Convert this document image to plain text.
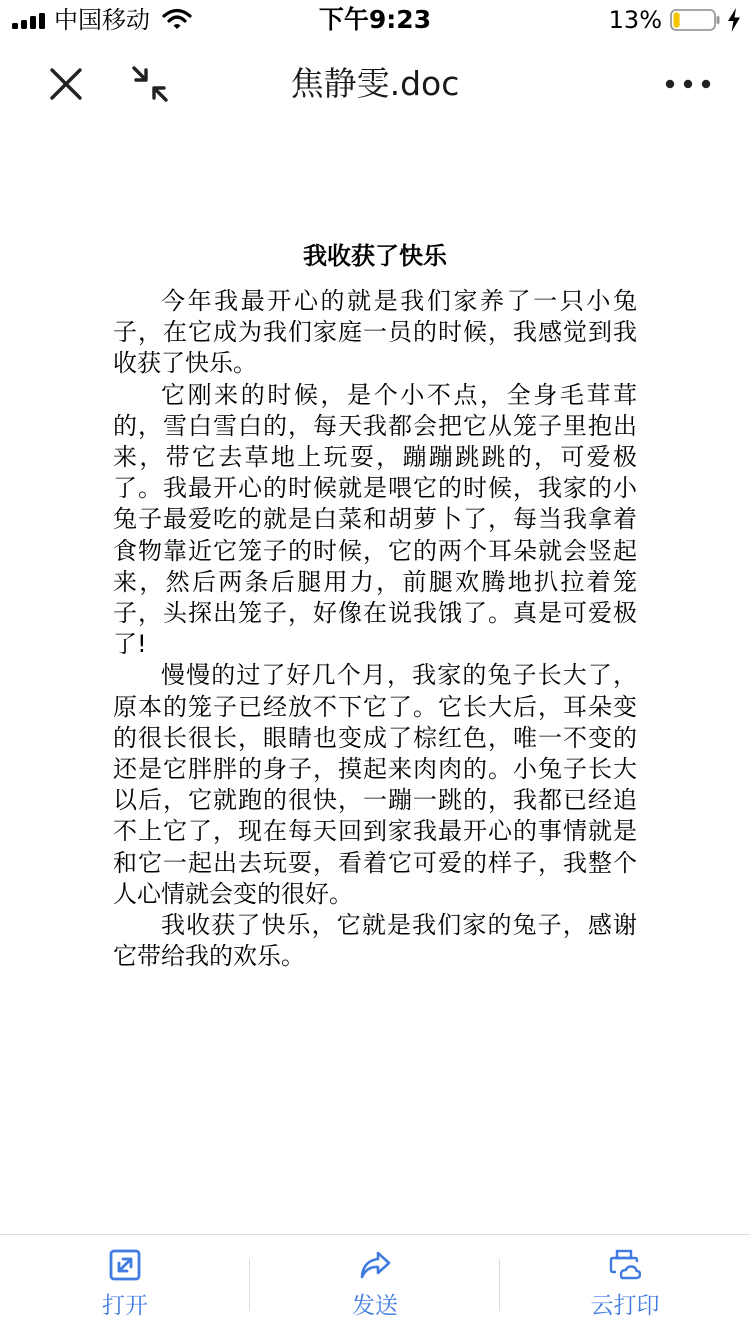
中国移动	下午9:23	13%
焦静雯.doc
我收获了快乐

今年我最开心的就是我们家养了一只小兔子，在它成为我们家庭一员的时候，我感觉到我收获了快乐。

它刚来的时候，是个小不点，全身毛茸茸的，雪白雪白的，每天我都会把它从笼子里抱出来，带它去草地上玩耍，蹦蹦跳跳的，可爱极了。我最开心的时候就是喂它的时候，我家的小兔子最爱吃的就是白菜和胡萝卜了，每当我拿着食物靠近它笼子的时候，它的两个耳朵就会竖起来，然后两条后腿用力，前腿欢腾地扒拉着笼子，头探出笼子，好像在说我饿了。真是可爱极了!

慢慢的过了好几个月，我家的兔子长大了，原本的笼子已经放不下它了。它长大后，耳朵变的很长很长，眼睛也变成了棕红色，唯一不变的还是它胖胖的身子，摸起来肉肉的。小兔子长大以后，它就跑的很快，一蹦一跳的，我都已经追不上它了，现在每天回到家我最开心的事情就是和它一起出去玩耍，看着它可爱的样子，我整个人心情就会变的很好。

我收获了快乐，它就是我们家的兔子，感谢它带给我的欢乐。

打开	发送	云打印
